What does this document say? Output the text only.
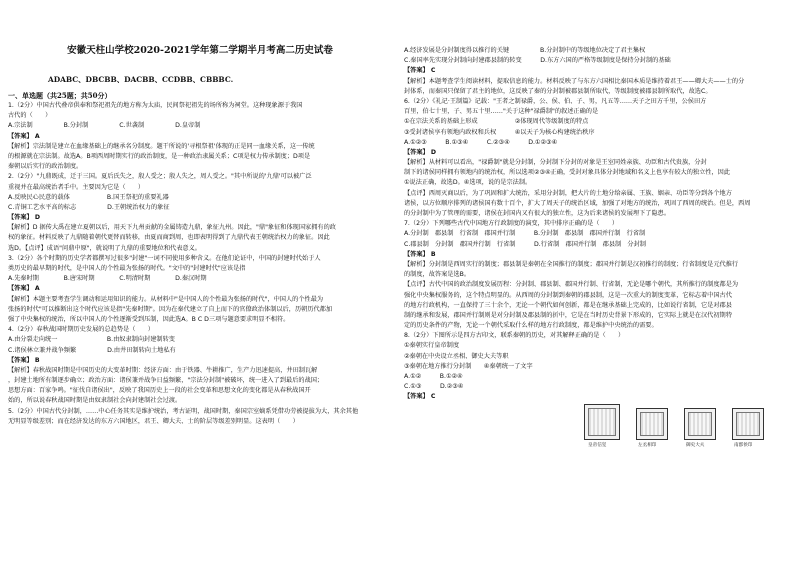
安徽天柱山学校2020-2021学年第二学期半月考高二历史试卷
ADABC、DBCBB、DACBB、CCDBB、CBBBC.
一、单选题（共25题；共50分）
1.（2分）中国古代叠帝供奉和祭祀祖先的地方称为太庙，民间祭祀祖先的场所称为祠堂。这种现象源于我国
古代的（　　）
A.宗法制　　　　　B.分封制　　　　　C.世袭制　　　　　D.皇帝制
【答案】 A
【解析】宗法制是建立在血缘基础上的继承名分制度。题干所说的'寻根祭祖'体现的正是同一血缘关系，这一传统
的根源就在宗法制。故选A。B项西周时期实行的政治制度，是一种政治隶属关系；C项是权力传承制度；D项是
秦朝以后实行的政治制度。
2.（2分）"九鼎既成，迁于三国。夏后氏失之，殷人受之；殷人失之，周人受之。"其中所说的'九鼎'可以被广泛
重视并在最高统治者手中。主要因为它是（　　）
A.反映民心民意的载体　　　　　　B.国王祭祀的重要礼器
C.青铜工艺水平高的标志　　　　　D.王朝统治权力的象征
【答案】 D
【解析】D 据传大禹在建立夏朝以后，用天下九州贡献的金属铸造九鼎，象征九州。因此，"鼎"象征和体现国家拥有的政
权的象征。材料反映了九鼎随着朝代更替而转移，由夏而商到周，也即表明得到了九鼎代表王朝统治权力的象征。因此
选D。【点评】成语"问鼎中原"，就说明了九鼎的重要地位和代表意义。
3.（2分）各个时期的历史学者都撰写过很多"封建"一词不同使用多种含义。在他们论证中，中国的封建时代始于人
类历史的最早期的时代，是中国人的个性最为张扬的时代。"文中的"封建时代"应该是指
A.先秦时期　　　　B.唐宋时期　　　　C.明清时期　　　　D.秦汉时期
【答案】 A
【解析】本题主要考查学生调动和运用知识的能力。从材料中"是中国人的个性最为张扬的时代"，中国人的个性最为
张扬的时代"可以推断出这个时代应该是指"先秦时期"。因为在秦代建立了自上而下的官僚政治体制以后，历朝历代都加
强了中央集权的统治，所以中国人的个性逐渐受到压制，因此选A。B C D三项与题意要求明显不相符。
4.（2分）春秋战国时期历史发展的总趋势是（　　）
A.由分裂走向统一　　　　　　　　B.由奴隶制向封建制转变
C.诸侯林立兼并战争频繁　　　　　D.由井田制转向土地私有
【答案】 B
【解析】春秋战国时期是中国历史的大变革时期：经济方面：由于铁器、牛耕推广，生产力迅速提高，井田制瓦解
，封建土地所有制逐步确立；政治方面：诸侯兼并战争日益频繁，"宗法分封制"被破坏，统一进入了到最后的战国；
思想方面：百家争鸣。"征伐自诸侯出"，反映了我国历史上一段的社会变革和思想文化的变化都是从春秋战国开
始的，所以说春秋战国时期是由奴隶制社会向封建制社会过渡。
5.（2分）中国古代分封制，……中心任务其实是维护统治，考古证明，战国时期，秦国宗室嫡系凭借功劳被提拔为大，其余其他
无明显等级差别；而在经济发达的东方六国地区，君王、卿大夫、士的阶层等级差别明显。这表明（　　）
A.经济发展是分封制度得以推行的关键　　　　　B.分封制中的等级地位决定了君主集权
C.秦国率先实现分封制向封建郡县制的转变　　　D.东方六国的严格等级制度是保持分封制的基础
【答案】 C
【解析】本题考查学生阅读材料，提取信息的能力。材料反映了与东方六国相比秦国本质是维持着君王——卿大夫——士的分
封体系，而秦国只保留了君主的地位，这反映了秦的分封制被郡县制所取代，等级制度被郡县制所取代，故选C。
6.（2分）《礼记·王制篇》记载："王者之制禄爵，公、侯、伯、子、男，凡五等……天子之田方千里，公侯田方
百里，伯七十里，子、男五十里……"关于这种"禄爵制"的叙述正确的是
①在宗法关系的基础上形成　　　　　　②体现周代等级制度的特点
③受封诸侯享有领地内政权和兵权　　　④以天子为核心构建统治秩序
A.①②③　　　B.①③④　　　C.②③④　　　D.①②③④
【答案】 D
【解析】从材料可以看出，"禄爵制"就是分封制，分封制下分封的对象是王室同姓亲族、功臣和古代贵族，分封
制下的诸侯同样拥有领地内的统治权，所以选项②③④正确，受封对象具体分封地域和名义上也享有较大的独立性，因此
①说法正确，故选D。④选项，说的是宗法制。
【点评】西周灭商以后，为了巩固和扩大统治，采用分封制，把大片的土地分给亲属、王族、姻亲、功臣等分到各个地方
诸侯，以方位顺序排列的诸侯国有数十百个，扩大了周天子的统治区域，加强了对地方的统治，巩固了西周的统治。但是，西周
的分封制中为了管理的需要，诸侯在封国内又有很大的独立性，这为后来诸侯的发展埋下了隐患。
7.（2分）下列哪些古代中国地方行政制度的演变，其中排序正确的是（　　）
A.分封制　郡县制　行省制　郡国并行制　　　B.分封制　郡县制　郡国并行制　行省制
C.郡县制　分封制　郡国并行制　行省制　　　D.行省制　郡国并行制　郡县制　分封制
【答案】 B
【解析】分封制是西周实行的制度；郡县制是秦朝在全国推行的制度；郡国并行制是汉初推行的制度；行省制度是元代推行
的制度，故答案是选B。
【点评】古代中国的政治制度发展历程：分封制、郡县制、郡国并行制、行省制，无论是哪个朝代，其所推行的制度都是为
强化中央集权服务的，这个特点明显的。从西周的分封制到秦朝的郡县制，这是一次重大的制度变革，它标志着中国古代
的地方行政机构，一直保持了三十余个，无论一个朝代如何创新，都是在继承基础上完成的，比如说行省制，它是对郡县
制的继承和发展，郡国并行制则是对分封制及郡县制的折中，它是在当时历史背景下形成的，它实际上就是在汉代初期特
定的历史条件的产物，无论一个朝代采取什么样的地方行政制度，都是维护中央统治的需要。
8.（2分）下图所示是四方古印文，联系秦朝的历史，对其解释正确的是（　　）
①秦朝实行皇帝制度
②秦朝在中央设立丞相、御史大夫等职
③秦朝在地方推行分封制　　④秦朝统一了文字
A.①②　　　B.①②④
C.①③　　　D.②③④
【答案】 C
皇帝信玺	左丞相印	御史大夫	南郡侯印
